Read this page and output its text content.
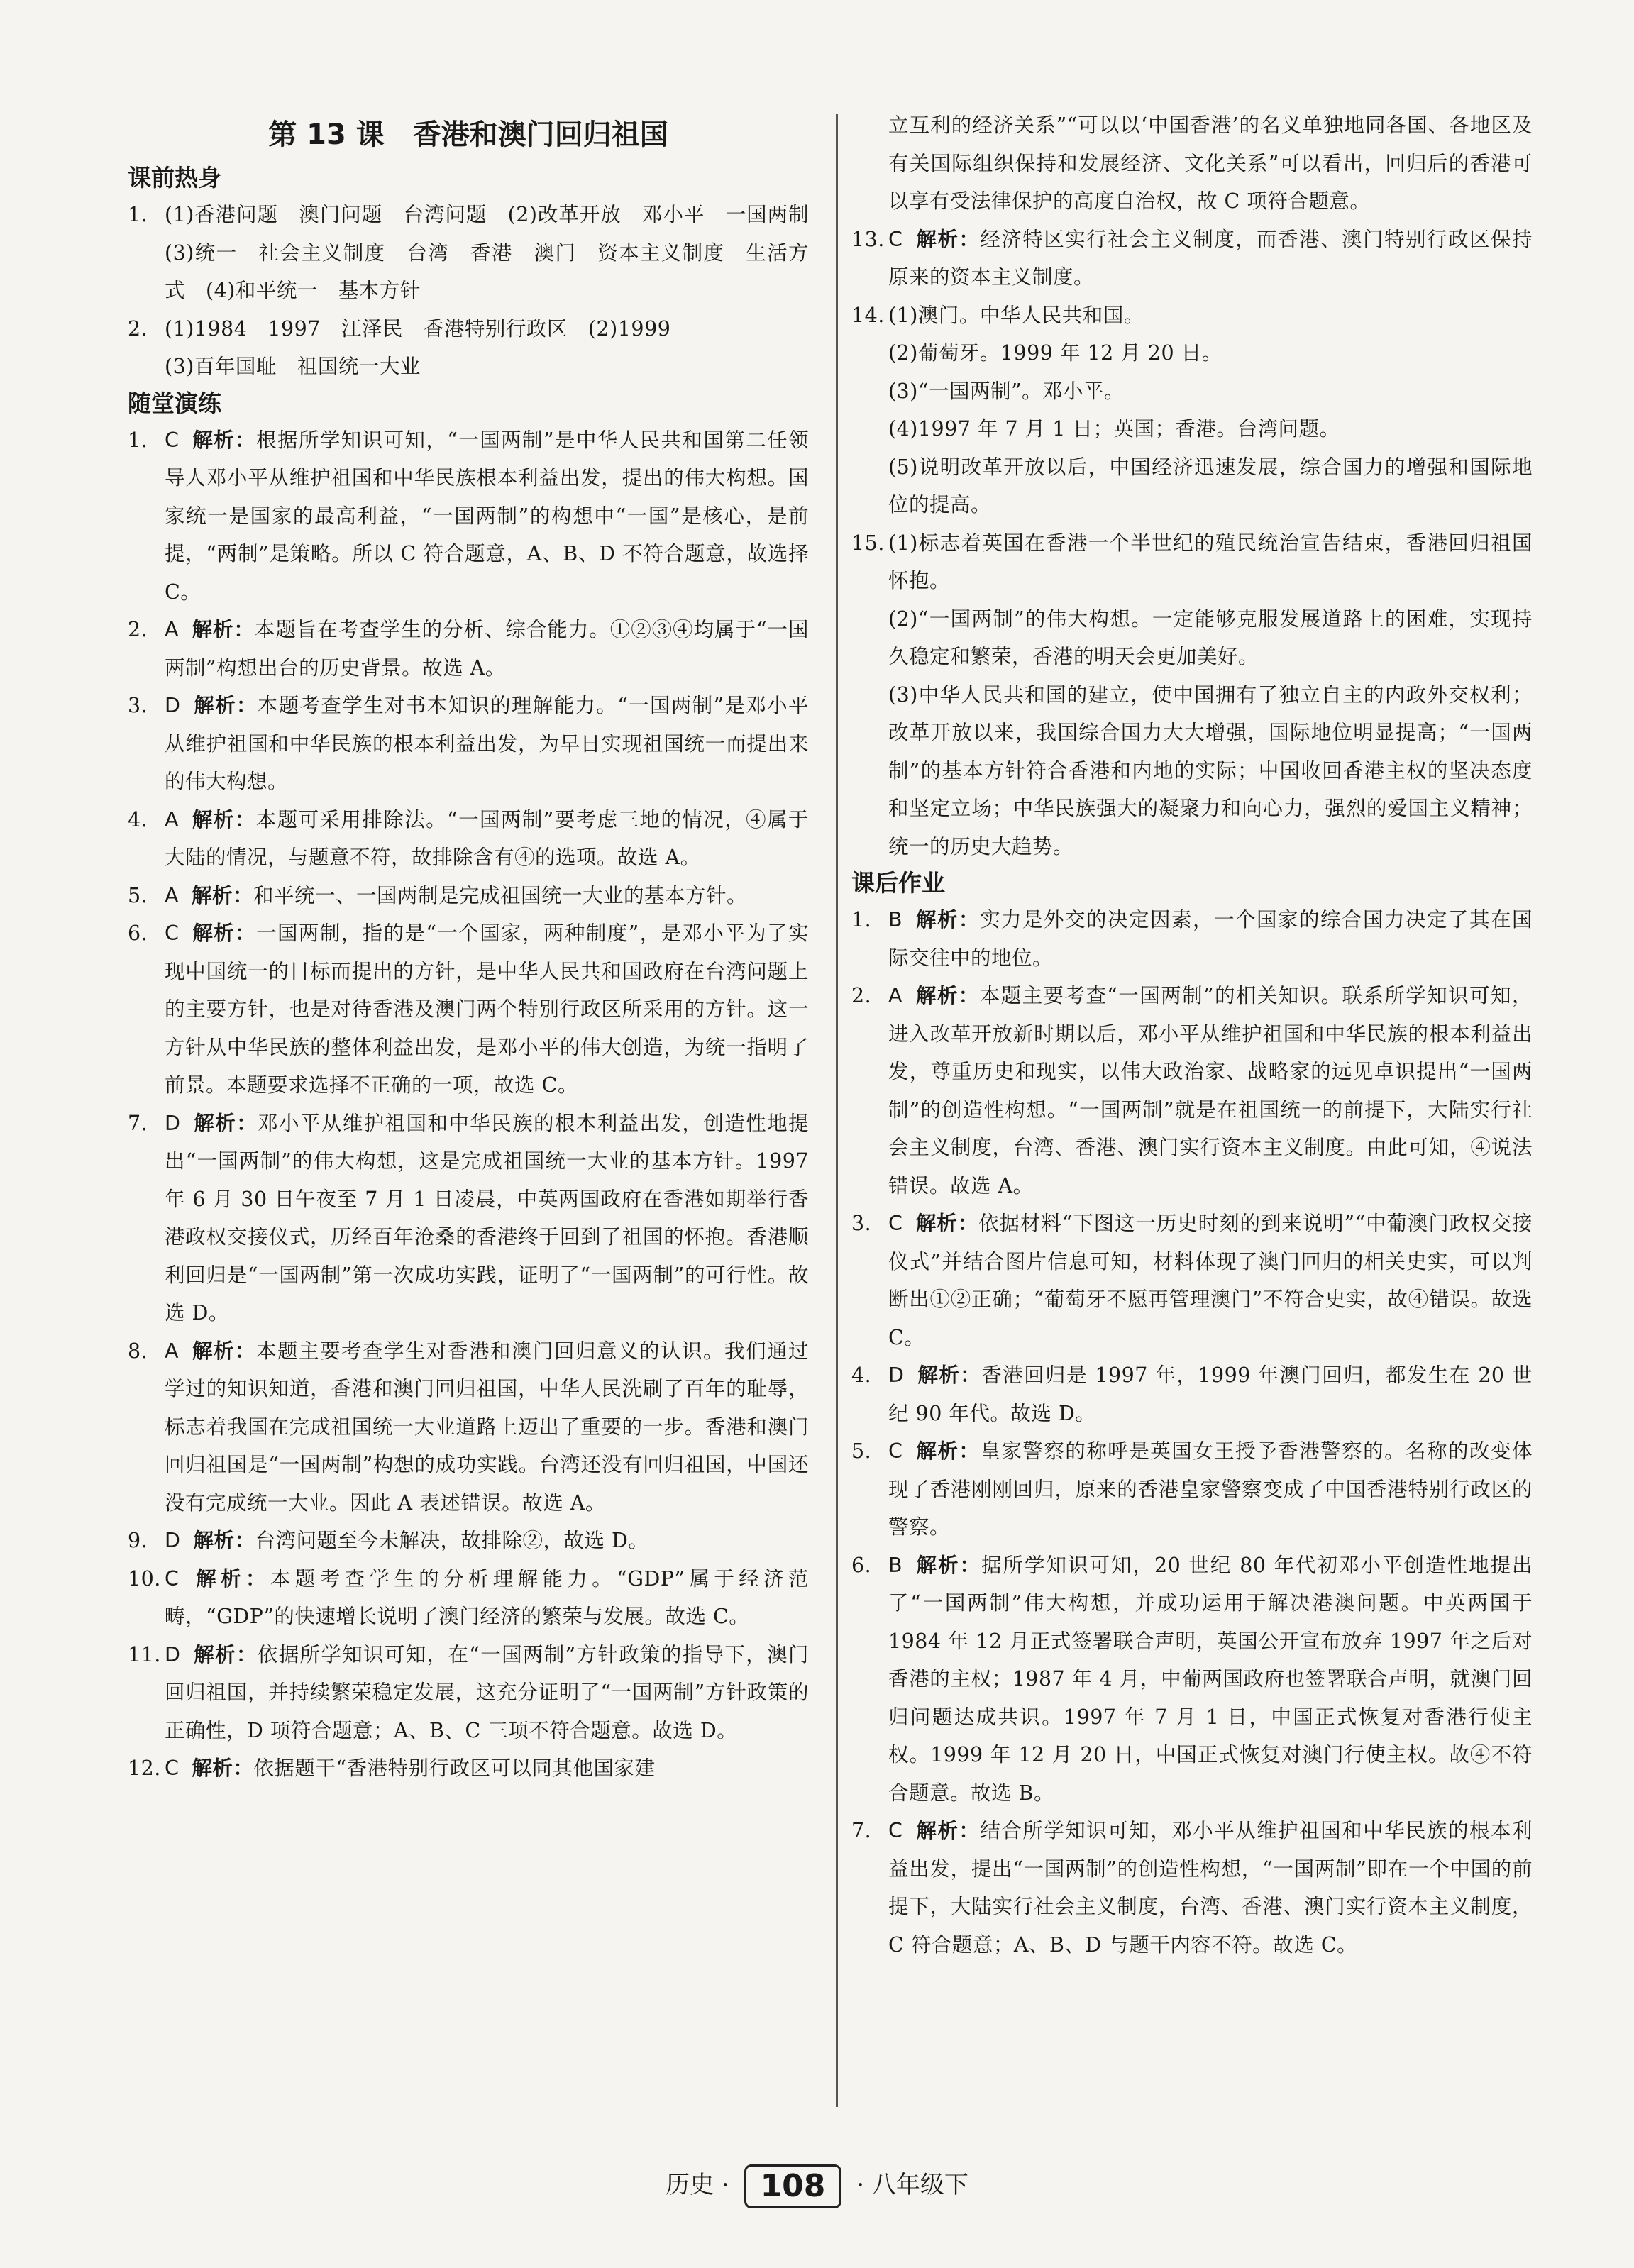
第 13 课　香港和澳门回归祖国
课前热身
1. (1)香港问题　澳门问题　台湾问题　(2)改革开放　邓小平　一国两制　(3)统一　社会主义制度　台湾　香港　澳门　资本主义制度　生活方式　(4)和平统一　基本方针
2. (1)1984　1997　江泽民　香港特别行政区　(2)1999
(3)百年国耻　祖国统一大业
随堂演练
1. C 解析：根据所学知识可知，“一国两制”是中华人民共和国第二任领导人邓小平从维护祖国和中华民族根本利益出发，提出的伟大构想。国家统一是国家的最高利益，“一国两制”的构想中“一国”是核心，是前提，“两制”是策略。所以 C 符合题意，A、B、D 不符合题意，故选择 C。
2. A 解析：本题旨在考查学生的分析、综合能力。①②③④均属于“一国两制”构想出台的历史背景。故选 A。
3. D 解析：本题考查学生对书本知识的理解能力。“一国两制”是邓小平从维护祖国和中华民族的根本利益出发，为早日实现祖国统一而提出来的伟大构想。
4. A 解析：本题可采用排除法。“一国两制”要考虑三地的情况，④属于大陆的情况，与题意不符，故排除含有④的选项。故选 A。
5. A 解析：和平统一、一国两制是完成祖国统一大业的基本方针。
6. C 解析：一国两制，指的是“一个国家，两种制度”，是邓小平为了实现中国统一的目标而提出的方针，是中华人民共和国政府在台湾问题上的主要方针，也是对待香港及澳门两个特别行政区所采用的方针。这一方针从中华民族的整体利益出发，是邓小平的伟大创造，为统一指明了前景。本题要求选择不正确的一项，故选 C。
7. D 解析：邓小平从维护祖国和中华民族的根本利益出发，创造性地提出“一国两制”的伟大构想，这是完成祖国统一大业的基本方针。1997 年 6 月 30 日午夜至 7 月 1 日凌晨，中英两国政府在香港如期举行香港政权交接仪式，历经百年沧桑的香港终于回到了祖国的怀抱。香港顺利回归是“一国两制”第一次成功实践，证明了“一国两制”的可行性。故选 D。
8. A 解析：本题主要考查学生对香港和澳门回归意义的认识。我们通过学过的知识知道，香港和澳门回归祖国，中华人民洗刷了百年的耻辱，标志着我国在完成祖国统一大业道路上迈出了重要的一步。香港和澳门回归祖国是“一国两制”构想的成功实践。台湾还没有回归祖国，中国还没有完成统一大业。因此 A 表述错误。故选 A。
9. D 解析：台湾问题至今未解决，故排除②，故选 D。
10. C 解析：本题考查学生的分析理解能力。“GDP”属于经济范畴，“GDP”的快速增长说明了澳门经济的繁荣与发展。故选 C。
11. D 解析：依据所学知识可知，在“一国两制”方针政策的指导下，澳门回归祖国，并持续繁荣稳定发展，这充分证明了“一国两制”方针政策的正确性，D 项符合题意；A、B、C 三项不符合题意。故选 D。
12. C 解析：依据题干“香港特别行政区可以同其他国家建
立互利的经济关系”“可以以‘中国香港’的名义单独地同各国、各地区及有关国际组织保持和发展经济、文化关系”可以看出，回归后的香港可以享有受法律保护的高度自治权，故 C 项符合题意。
13. C 解析：经济特区实行社会主义制度，而香港、澳门特别行政区保持原来的资本主义制度。
14. (1)澳门。中华人民共和国。
(2)葡萄牙。1999 年 12 月 20 日。
(3)“一国两制”。邓小平。
(4)1997 年 7 月 1 日；英国；香港。台湾问题。
(5)说明改革开放以后，中国经济迅速发展，综合国力的增强和国际地位的提高。
15. (1)标志着英国在香港一个半世纪的殖民统治宣告结束，香港回归祖国怀抱。
(2)“一国两制”的伟大构想。一定能够克服发展道路上的困难，实现持久稳定和繁荣，香港的明天会更加美好。
(3)中华人民共和国的建立，使中国拥有了独立自主的内政外交权利；改革开放以来，我国综合国力大大增强，国际地位明显提高；“一国两制”的基本方针符合香港和内地的实际；中国收回香港主权的坚决态度和坚定立场；中华民族强大的凝聚力和向心力，强烈的爱国主义精神；统一的历史大趋势。
课后作业
1. B 解析：实力是外交的决定因素，一个国家的综合国力决定了其在国际交往中的地位。
2. A 解析：本题主要考查“一国两制”的相关知识。联系所学知识可知，进入改革开放新时期以后，邓小平从维护祖国和中华民族的根本利益出发，尊重历史和现实，以伟大政治家、战略家的远见卓识提出“一国两制”的创造性构想。“一国两制”就是在祖国统一的前提下，大陆实行社会主义制度，台湾、香港、澳门实行资本主义制度。由此可知，④说法错误。故选 A。
3. C 解析：依据材料“下图这一历史时刻的到来说明”“中葡澳门政权交接仪式”并结合图片信息可知，材料体现了澳门回归的相关史实，可以判断出①②正确；“葡萄牙不愿再管理澳门”不符合史实，故④错误。故选 C。
4. D 解析：香港回归是 1997 年，1999 年澳门回归，都发生在 20 世纪 90 年代。故选 D。
5. C 解析：皇家警察的称呼是英国女王授予香港警察的。名称的改变体现了香港刚刚回归，原来的香港皇家警察变成了中国香港特别行政区的警察。
6. B 解析：据所学知识可知，20 世纪 80 年代初邓小平创造性地提出了“一国两制”伟大构想，并成功运用于解决港澳问题。中英两国于 1984 年 12 月正式签署联合声明，英国公开宣布放弃 1997 年之后对香港的主权；1987 年 4 月，中葡两国政府也签署联合声明，就澳门回归问题达成共识。1997 年 7 月 1 日，中国正式恢复对香港行使主权。1999 年 12 月 20 日，中国正式恢复对澳门行使主权。故④不符合题意。故选 B。
7. C 解析：结合所学知识可知，邓小平从维护祖国和中华民族的根本利益出发，提出“一国两制”的创造性构想，“一国两制”即在一个中国的前提下，大陆实行社会主义制度，台湾、香港、澳门实行资本主义制度，C 符合题意；A、B、D 与题干内容不符。故选 C。
历史 · 108 · 八年级下
